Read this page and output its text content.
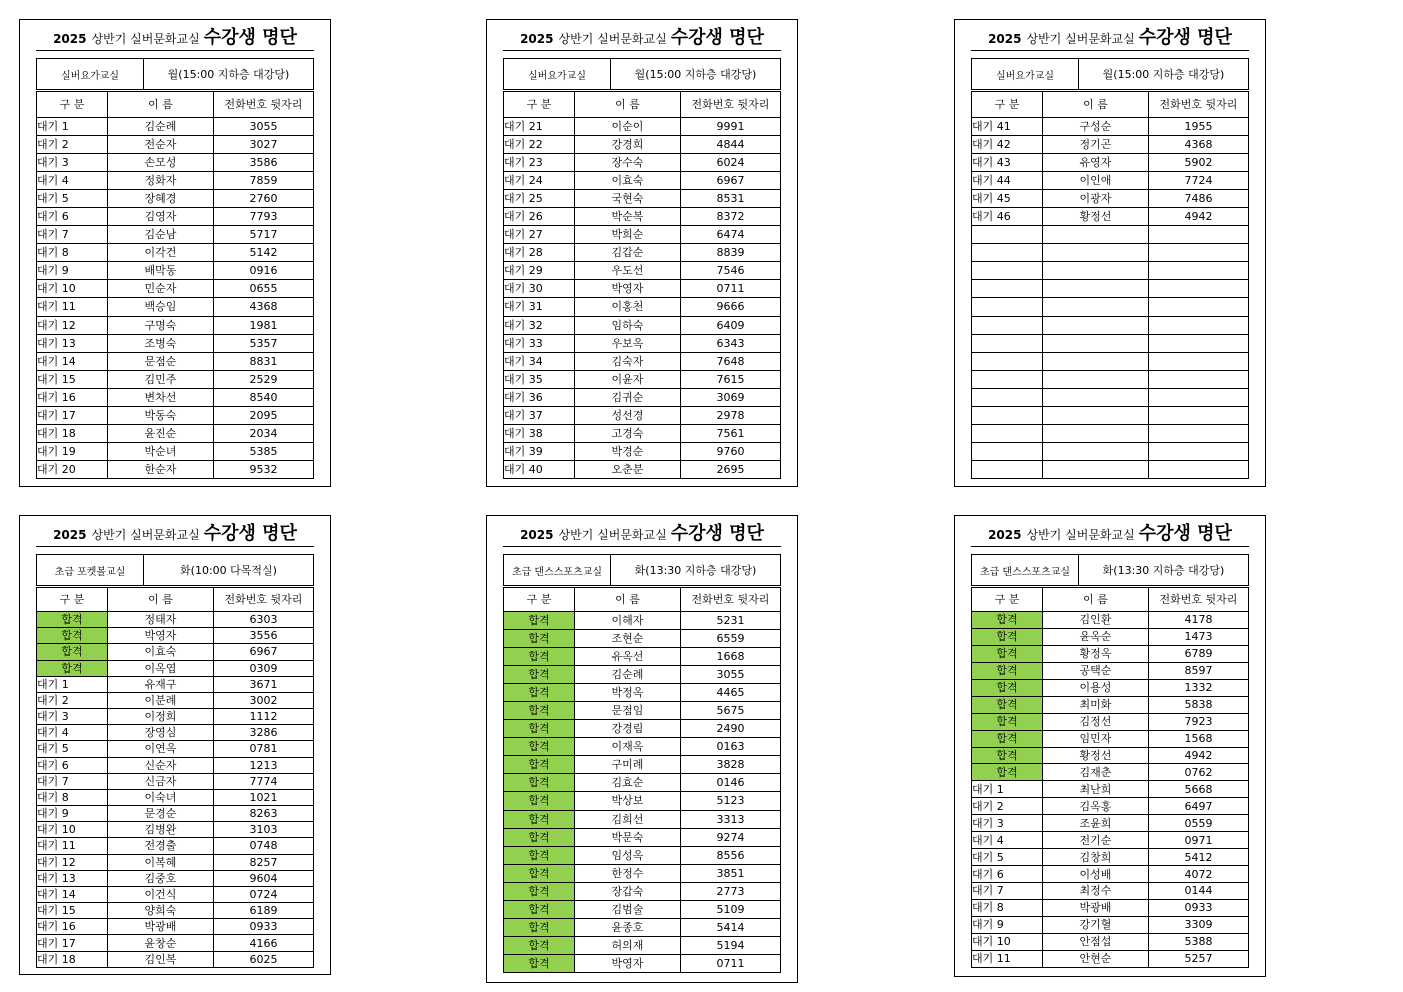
2025 상반기 실버문화교실 수강생 명단
실버요가교실	월(15:00 지하층 대강당)
구 분	이 름	전화번호 뒷자리
대기 1	김순례	3055
대기 2	전순자	3027
대기 3	손모성	3586
대기 4	정화자	7859
대기 5	장혜경	2760
대기 6	김영자	7793
대기 7	김순남	5717
대기 8	이각건	5142
대기 9	배막동	0916
대기 10	민순자	0655
대기 11	백승임	4368
대기 12	구명숙	1981
대기 13	조병숙	5357
대기 14	문점순	8831
대기 15	김민주	2529
대기 16	변차선	8540
대기 17	박동숙	2095
대기 18	윤진순	2034
대기 19	박순녀	5385
대기 20	한순자	9532
2025 상반기 실버문화교실 수강생 명단
실버요가교실	월(15:00 지하층 대강당)
구 분	이 름	전화번호 뒷자리
대기 21	이순이	9991
대기 22	강경희	4844
대기 23	장수숙	6024
대기 24	이효숙	6967
대기 25	국현숙	8531
대기 26	박순복	8372
대기 27	박희순	6474
대기 28	김갑순	8839
대기 29	우도선	7546
대기 30	박영자	0711
대기 31	이홍천	9666
대기 32	임하숙	6409
대기 33	우보옥	6343
대기 34	김숙자	7648
대기 35	이윤자	7615
대기 36	김귀순	3069
대기 37	성선경	2978
대기 38	고경숙	7561
대기 39	박경순	9760
대기 40	오춘분	2695
2025 상반기 실버문화교실 수강생 명단
실버요가교실	월(15:00 지하층 대강당)
구 분	이 름	전화번호 뒷자리
대기 41	구성순	1955
대기 42	정기곤	4368
대기 43	유영자	5902
대기 44	이인애	7724
대기 45	이광자	7486
대기 46	황정선	4942

2025 상반기 실버문화교실 수강생 명단
초급 포켓볼교실	화(10:00 다목적실)
구 분	이 름	전화번호 뒷자리
합격	정태자	6303
합격	박영자	3556
합격	이효숙	6967
합격	이옥엽	0309
대기 1	유재구	3671
대기 2	이분례	3002
대기 3	이정희	1112
대기 4	장영심	3286
대기 5	이연옥	0781
대기 6	신순자	1213
대기 7	신금자	7774
대기 8	이숙녀	1021
대기 9	문경순	8263
대기 10	김병완	3103
대기 11	전경출	0748
대기 12	이복혜	8257
대기 13	김중호	9604
대기 14	이건식	0724
대기 15	양희숙	6189
대기 16	박광배	0933
대기 17	윤창순	4166
대기 18	김인복	6025
2025 상반기 실버문화교실 수강생 명단
초급 댄스스포츠교실	화(13:30 지하층 대강당)
구 분	이 름	전화번호 뒷자리
합격	이해자	5231
합격	조현순	6559
합격	유옥선	1668
합격	김순례	3055
합격	박정옥	4465
합격	문점임	5675
합격	강경림	2490
합격	이재옥	0163
합격	구미례	3828
합격	김효순	0146
합격	박상보	5123
합격	김희선	3313
합격	박문숙	9274
합격	임성옥	8556
합격	한정수	3851
합격	장갑숙	2773
합격	김범술	5109
합격	윤종호	5414
합격	허의재	5194
합격	박영자	0711
2025 상반기 실버문화교실 수강생 명단
초급 댄스스포츠교실	화(13:30 지하층 대강당)
구 분	이 름	전화번호 뒷자리
합격	김인환	4178
합격	윤옥순	1473
합격	황정옥	6789
합격	공택순	8597
합격	이용성	1332
합격	최미화	5838
합격	김정선	7923
합격	임민자	1568
합격	황정선	4942
합격	김재춘	0762
대기 1	최난희	5668
대기 2	김옥홍	6497
대기 3	조윤희	0559
대기 4	전기순	0971
대기 5	김창희	5412
대기 6	이성배	4072
대기 7	최정수	0144
대기 8	박광배	0933
대기 9	강기혈	3309
대기 10	안점섭	5388
대기 11	안현순	5257
